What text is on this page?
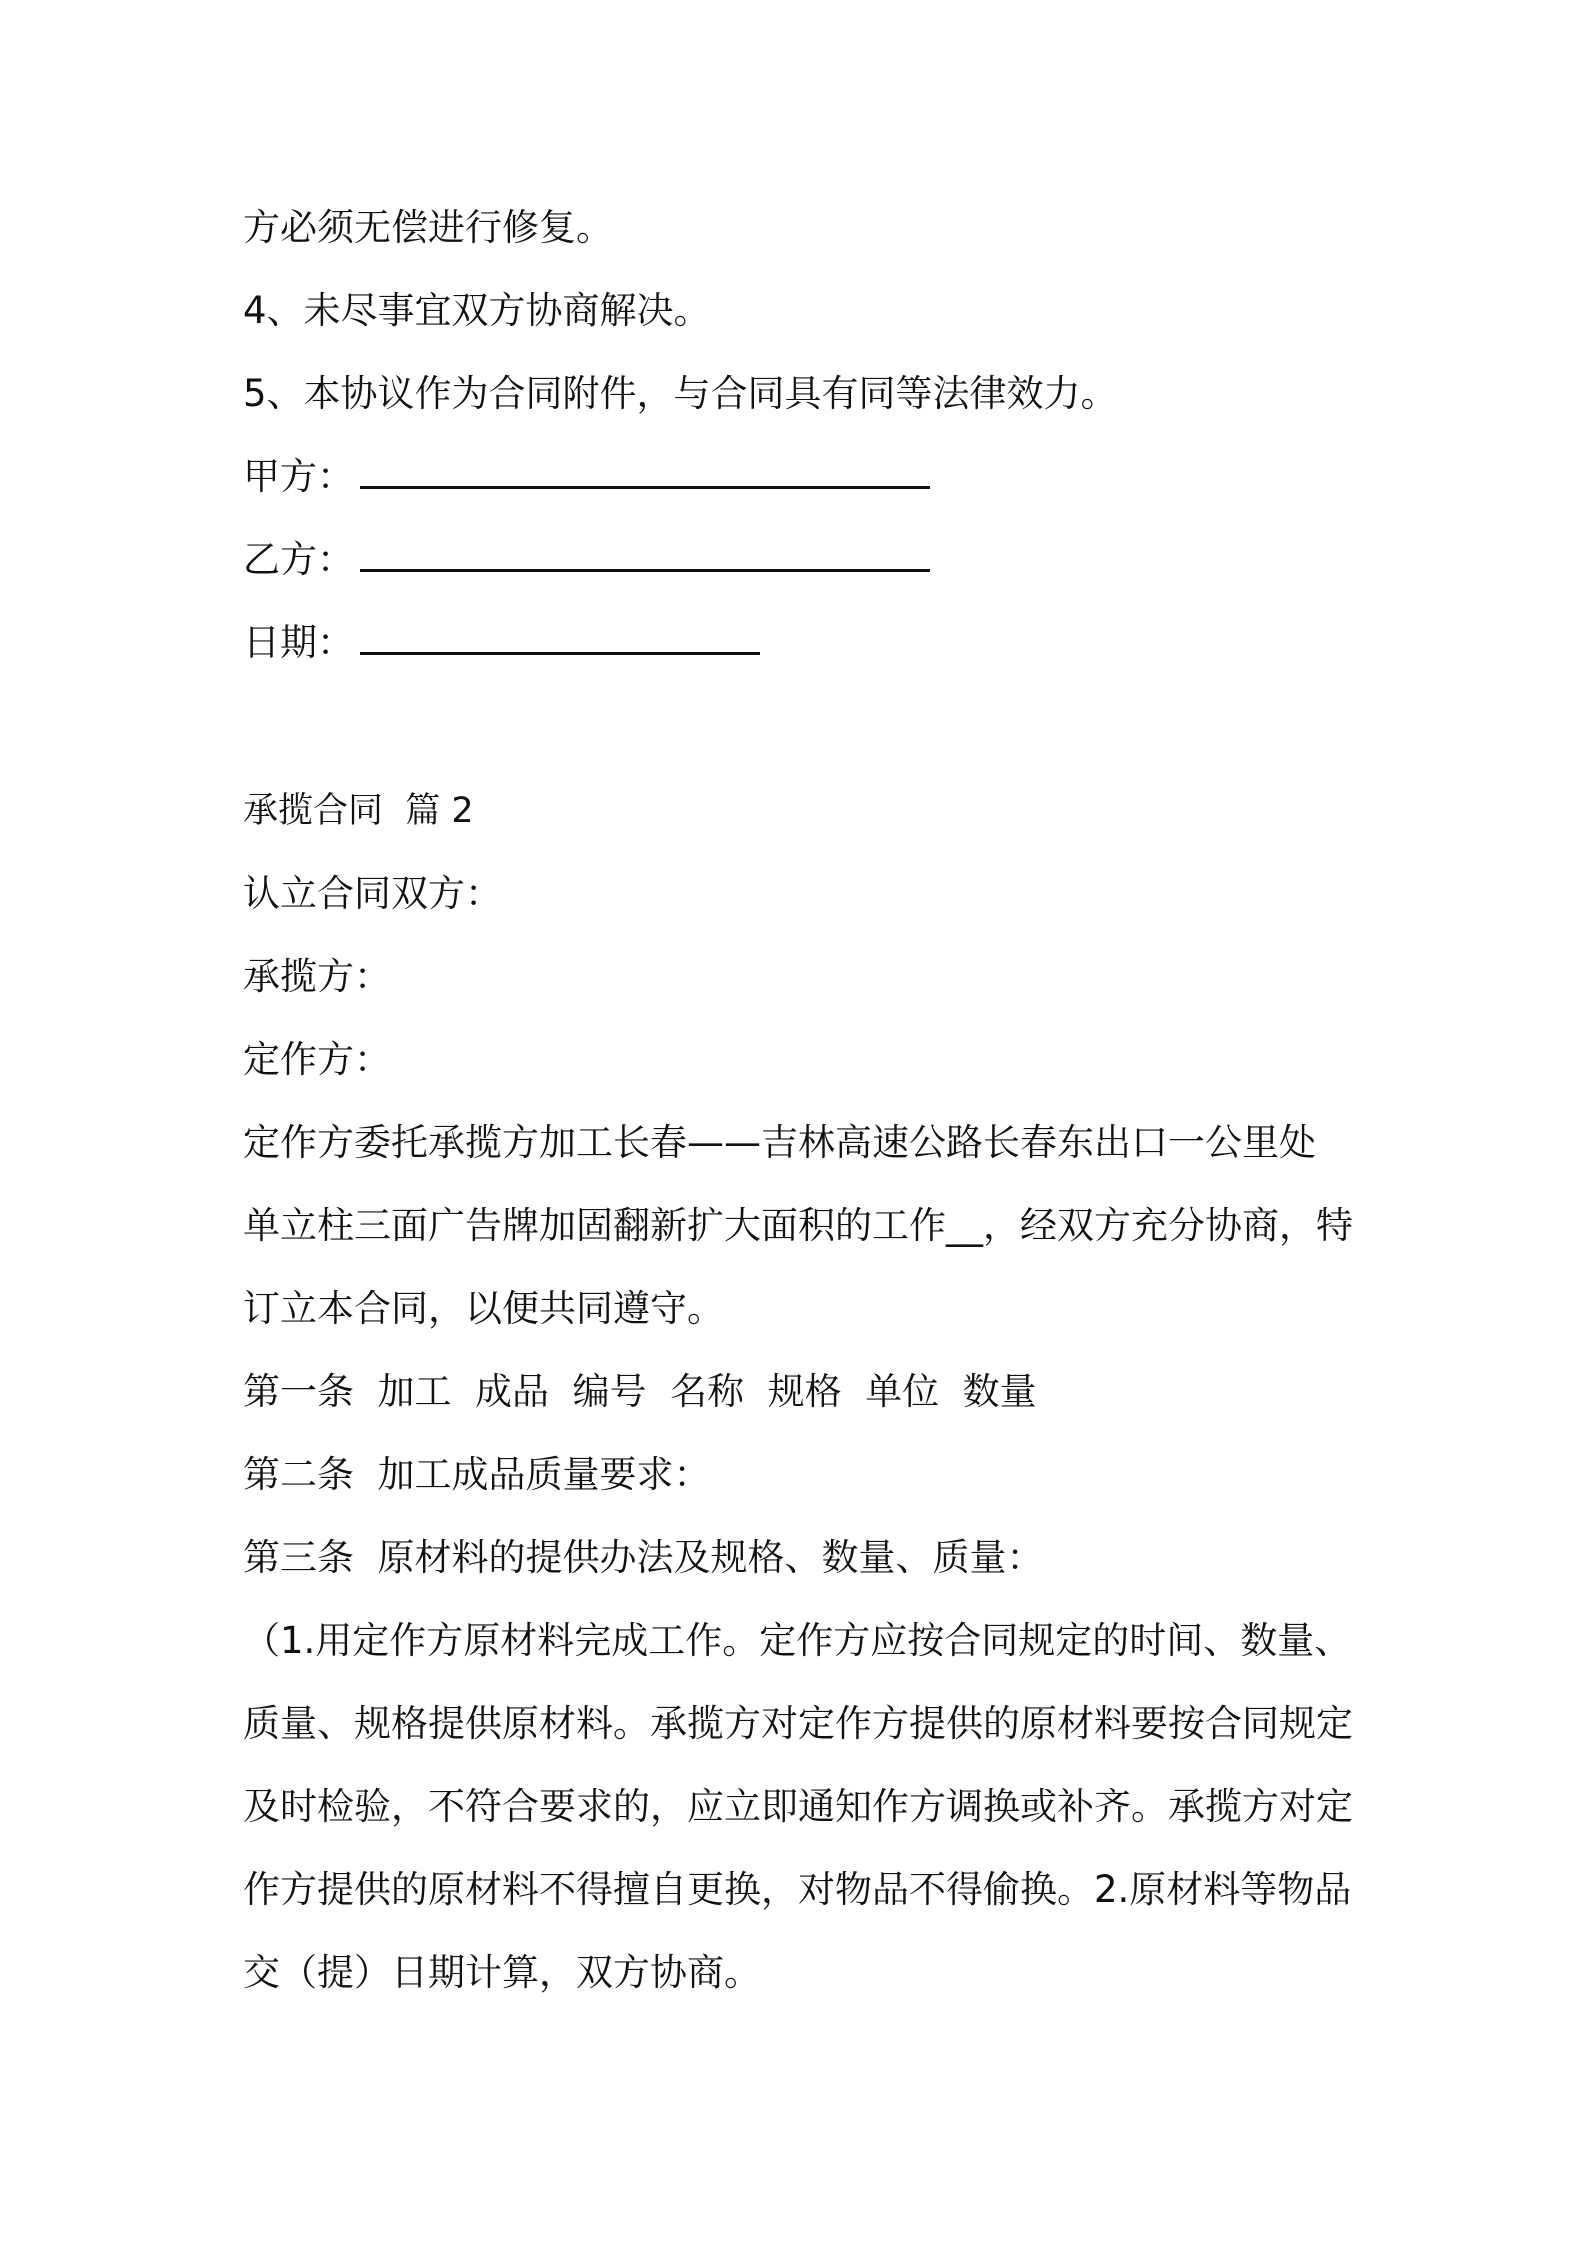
方必须无偿进行修复。

4、未尽事宜双方协商解决。

5、本协议作为合同附件，与合同具有同等法律效力。

甲方：

乙方：

日期：

承揽合同  篇 2

认立合同双方：

承揽方：

定作方：

定作方委托承揽方加工长春——吉林高速公路长春东出口一公里处

单立柱三面广告牌加固翻新扩大面积的工作__，经双方充分协商，特

订立本合同，以便共同遵守。

第一条  加工  成品  编号  名称  规格  单位  数量

第二条  加工成品质量要求：

第三条  原材料的提供办法及规格、数量、质量：

（1.用定作方原材料完成工作。定作方应按合同规定的时间、数量、

质量、规格提供原材料。承揽方对定作方提供的原材料要按合同规定

及时检验，不符合要求的，应立即通知作方调换或补齐。承揽方对定

作方提供的原材料不得擅自更换，对物品不得偷换。2.原材料等物品

交（提）日期计算，双方协商。
